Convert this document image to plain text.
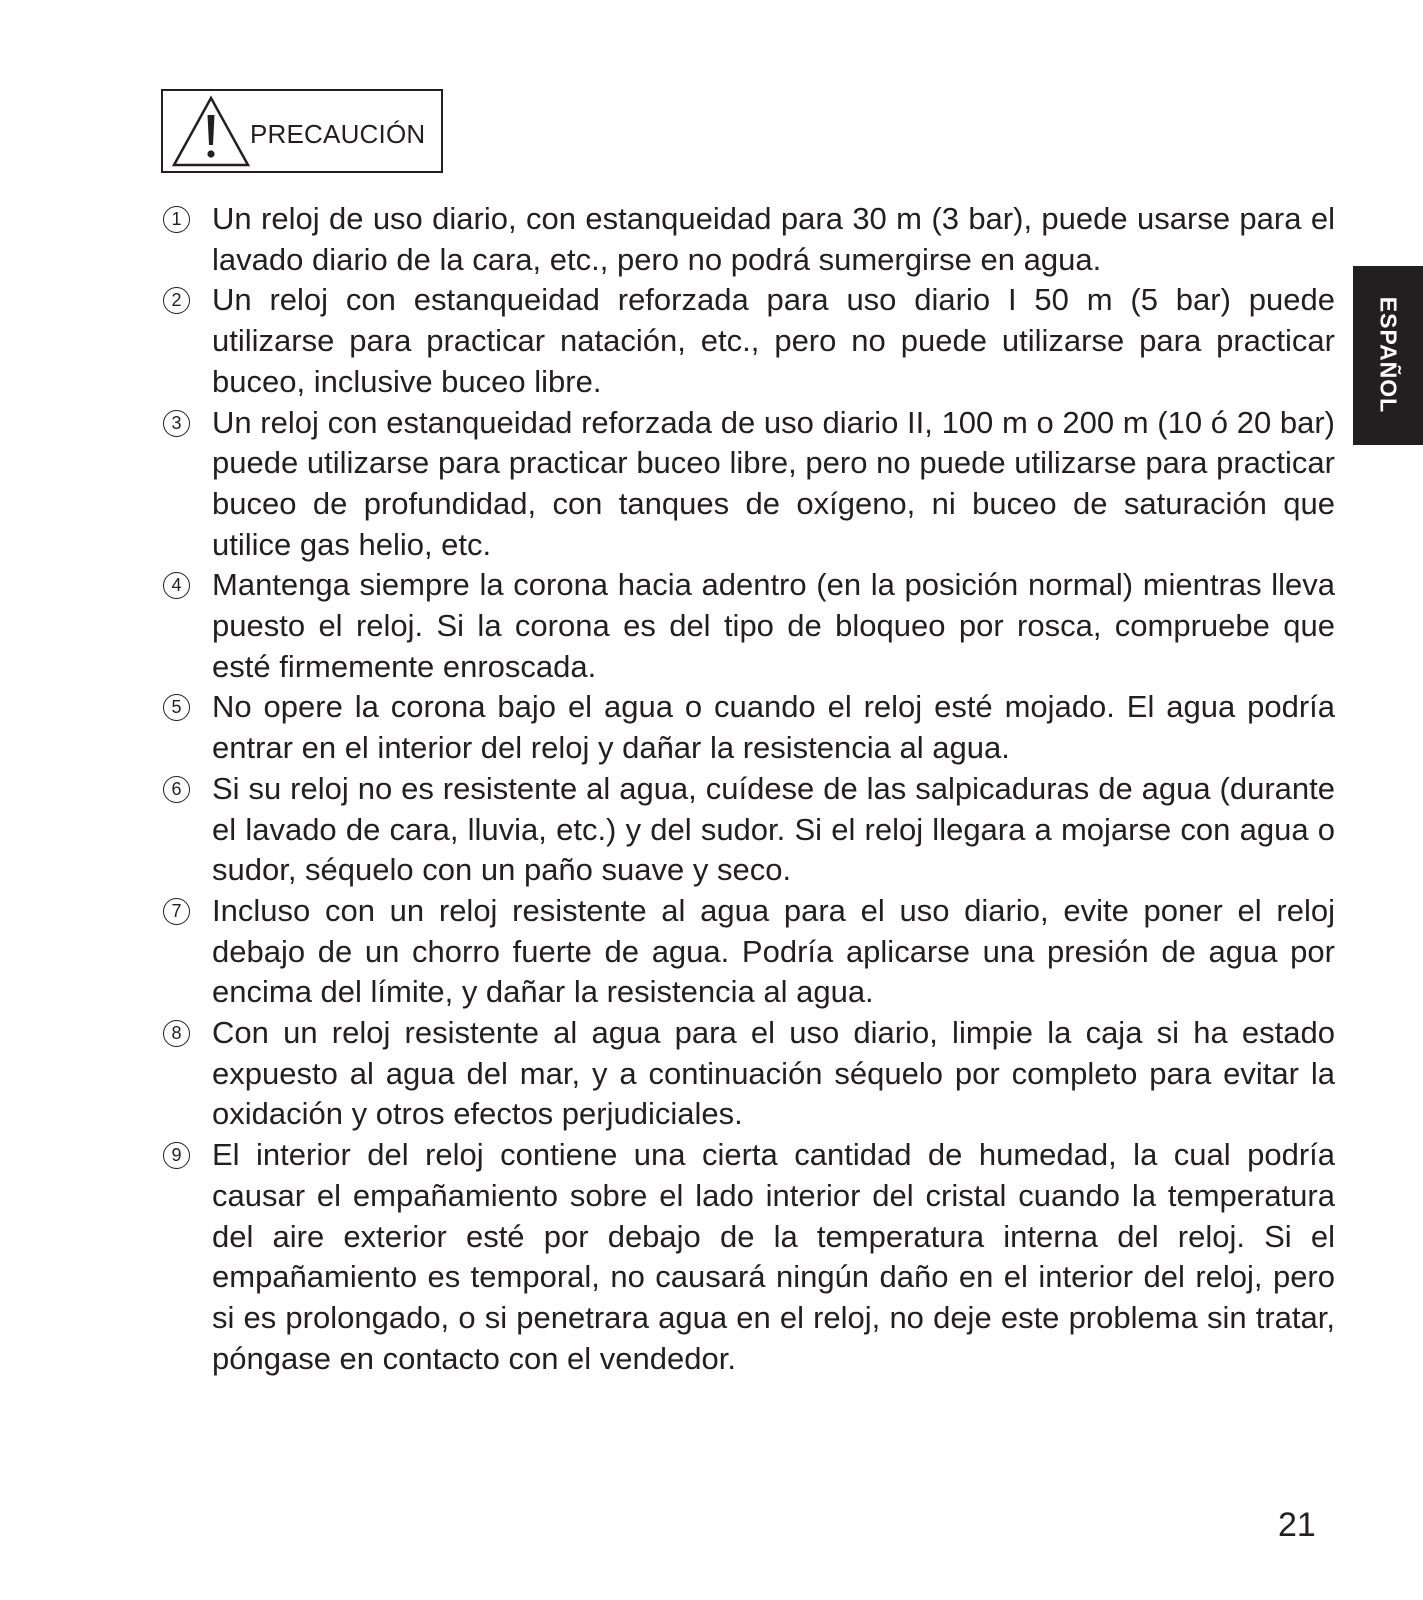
PRECAUCIÓN
ESPAÑOL
1 Un reloj de uso diario, con estanqueidad para 30 m (3 bar), puede usarse para el lavado diario de la cara, etc., pero no podrá sumergirse en agua.
2 Un reloj con estanqueidad reforzada para uso diario I 50 m (5 bar) puede utilizarse para practicar natación, etc., pero no puede utilizarse para practicar buceo, inclusive buceo libre.
3 Un reloj con estanqueidad reforzada de uso diario II, 100 m o 200 m (10 ó 20 bar) puede utilizarse para practicar buceo libre, pero no puede utilizarse para practicar buceo de profundidad, con tanques de oxígeno, ni buceo de saturación que utilice gas helio, etc.
4 Mantenga siempre la corona hacia adentro (en la posición normal) mientras lleva puesto el reloj. Si la corona es del tipo de bloqueo por rosca, compruebe que esté firmemente enroscada.
5 No opere la corona bajo el agua o cuando el reloj esté mojado. El agua podría entrar en el interior del reloj y dañar la resistencia al agua.
6 Si su reloj no es resistente al agua, cuídese de las salpicaduras de agua (durante el lavado de cara, lluvia, etc.) y del sudor. Si el reloj llegara a mojarse con agua o sudor, séquelo con un paño suave y seco.
7 Incluso con un reloj resistente al agua para el uso diario, evite poner el reloj debajo de un chorro fuerte de agua. Podría aplicarse una presión de agua por encima del límite, y dañar la resistencia al agua.
8 Con un reloj resistente al agua para el uso diario, limpie la caja si ha estado expuesto al agua del mar, y a continuación séquelo por completo para evitar la oxidación y otros efectos perjudiciales.
9 El interior del reloj contiene una cierta cantidad de humedad, la cual podría causar el empañamiento sobre el lado interior del cristal cuando la temperatura del aire exterior esté por debajo de la temperatura interna del reloj. Si el empañamiento es temporal, no causará ningún daño en el interior del reloj, pero si es prolongado, o si penetrara agua en el reloj, no deje este problema sin tratar, póngase en contacto con el vendedor.
21
